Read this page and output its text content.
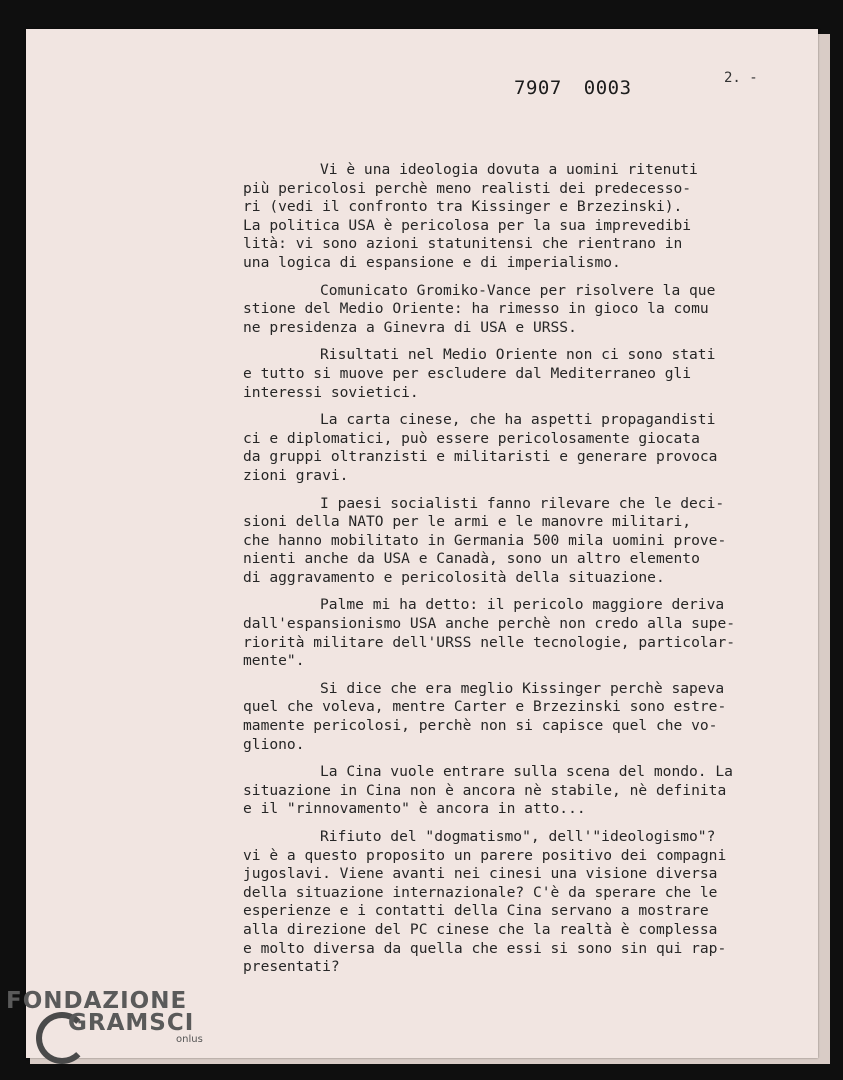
7907 0003	2. -
Vi è una ideologia dovuta a uomini ritenuti
più pericolosi perchè meno realisti dei predecesso-
ri (vedi il confronto tra Kissinger e Brzezinski).
La politica USA è pericolosa per la sua imprevedibi
lità: vi sono azioni statunitensi che rientrano in
una logica di espansione e di imperialismo.
Comunicato Gromiko-Vance per risolvere la que
stione del Medio Oriente: ha rimesso in gioco la comu
ne presidenza a Ginevra di USA e URSS.
Risultati nel Medio Oriente non ci sono stati
e tutto si muove per escludere dal Mediterraneo gli
interessi sovietici.
La carta cinese, che ha aspetti propagandisti
ci e diplomatici, può essere pericolosamente giocata
da gruppi oltranzisti e militaristi e generare provoca
zioni gravi.
I paesi socialisti fanno rilevare che le deci-
sioni della NATO per le armi e le manovre militari,
che hanno mobilitato in Germania 500 mila uomini prove-
nienti anche da USA e Canadà, sono un altro elemento
di aggravamento e pericolosità della situazione.
Palme mi ha detto: il pericolo maggiore deriva
dall'espansionismo USA anche perchè non credo alla supe-
riorità militare dell'URSS nelle tecnologie, particolar-
mente".
Si dice che era meglio Kissinger perchè sapeva
quel che voleva, mentre Carter e Brzezinski sono estre-
mamente pericolosi, perchè non si capisce quel che vo-
gliono.
La Cina vuole entrare sulla scena del mondo. La
situazione in Cina non è ancora nè stabile, nè definita
e il "rinnovamento" è ancora in atto...
Rifiuto del "dogmatismo", dell'"ideologismo"?
vi è a questo proposito un parere positivo dei compagni
jugoslavi. Viene avanti nei cinesi una visione diversa
della situazione internazionale? C'è da sperare che le
esperienze e i contatti della Cina servano a mostrare
alla direzione del PC cinese che la realtà è complessa
e molto diversa da quella che essi si sono sin qui rap-
presentati?
FONDAZIONE
GRAMSCI
onlus
